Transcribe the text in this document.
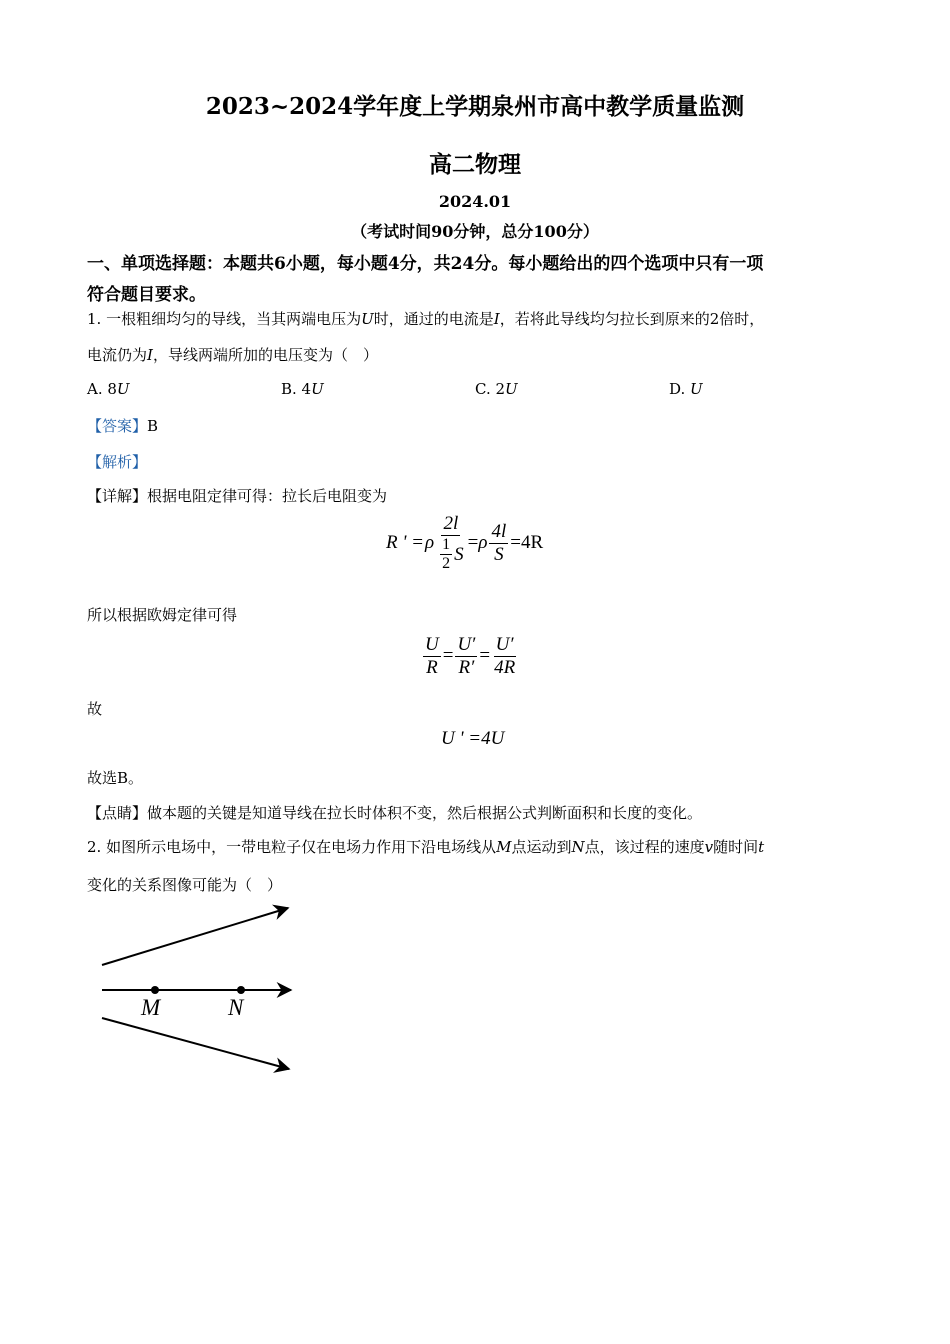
2023~2024学年度上学期泉州市高中教学质量监测
高二物理
2024.01
（考试时间90分钟，总分100分）
一、单项选择题：本题共6小题，每小题4分，共24分。每小题给出的四个选项中只有一项
符合题目要求。
1. 一根粗细均匀的导线，当其两端电压为U时，通过的电流是I，若将此导线均匀拉长到原来的2倍时，
电流仍为I，导线两端所加的电压变为（　）
A. 8U	B. 4U	C. 2U	D. U
【答案】B
【解析】
【详解】根据电阻定律可得：拉长后电阻变为
R ' = ρ $\frac{2l}{\frac{1}{2} S} = \rho \frac{4l}{S} =4R$
所以根据欧姆定律可得
$\frac{U}{R} = \frac{U'}{R'} = \frac{U'}{4R}$
故
U ' =4U
故选B。
【点睛】做本题的关键是知道导线在拉长时体积不变，然后根据公式判断面积和长度的变化。
2. 如图所示电场中，一带电粒子仅在电场力作用下沿电场线从M点运动到N点，该过程的速度v随时间t
变化的关系图像可能为（　）
M	N
